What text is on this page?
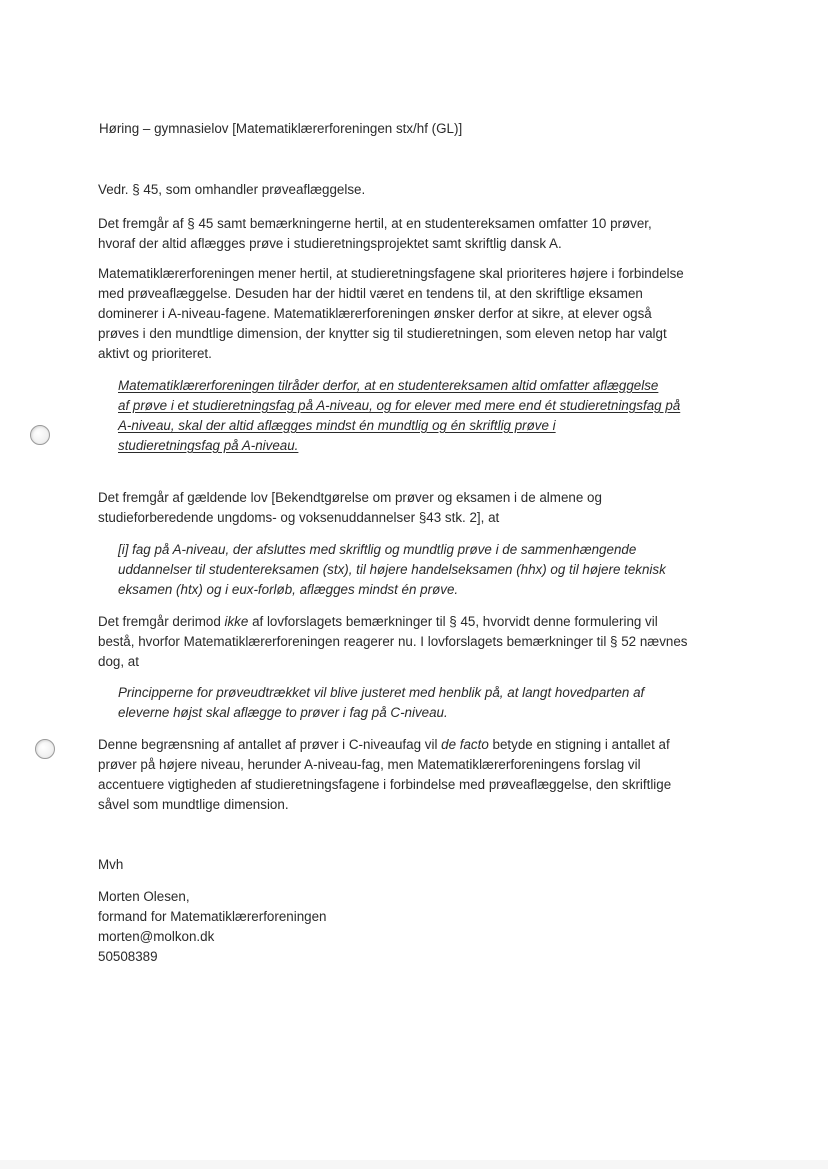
Høring – gymnasielov [Matematiklærerforeningen stx/hf (GL)]
Vedr. § 45, som omhandler prøveaflæggelse.
Det fremgår af § 45 samt bemærkningerne hertil, at en studentereksamen omfatter 10 prøver,
hvoraf der altid aflægges prøve i studieretningsprojektet samt skriftlig dansk A.
Matematiklærerforeningen mener hertil, at studieretningsfagene skal prioriteres højere i forbindelse
med prøveaflæggelse. Desuden har der hidtil været en tendens til, at den skriftlige eksamen
dominerer i A-niveau-fagene. Matematiklærerforeningen ønsker derfor at sikre, at elever også
prøves i den mundtlige dimension, der knytter sig til studieretningen, som eleven netop har valgt
aktivt og prioriteret.
Matematiklærerforeningen tilråder derfor, at en studentereksamen altid omfatter aflæggelse
af prøve i et studieretningsfag på A-niveau, og for elever med mere end ét studieretningsfag på
A-niveau, skal der altid aflægges mindst én mundtlig og én skriftlig prøve i
studieretningsfag på A-niveau.
Det fremgår af gældende lov [Bekendtgørelse om prøver og eksamen i de almene og
studieforberedende ungdoms- og voksenuddannelser §43 stk. 2], at
[i] fag på A-niveau, der afsluttes med skriftlig og mundtlig prøve i de sammenhængende
uddannelser til studentereksamen (stx), til højere handelseksamen (hhx) og til højere teknisk
eksamen (htx) og i eux-forløb, aflægges mindst én prøve.
Det fremgår derimod ikke af lovforslagets bemærkninger til § 45, hvorvidt denne formulering vil
bestå, hvorfor Matematiklærerforeningen reagerer nu. I lovforslagets bemærkninger til § 52 nævnes
dog, at
Principperne for prøveudtrækket vil blive justeret med henblik på, at langt hovedparten af
eleverne højst skal aflægge to prøver i fag på C-niveau.
Denne begrænsning af antallet af prøver i C-niveaufag vil de facto betyde en stigning i antallet af
prøver på højere niveau, herunder A-niveau-fag, men Matematiklærerforeningens forslag vil
accentuere vigtigheden af studieretningsfagene i forbindelse med prøveaflæggelse, den skriftlige
såvel som mundtlige dimension.
Mvh
Morten Olesen,
formand for Matematiklærerforeningen
morten@molkon.dk
50508389
